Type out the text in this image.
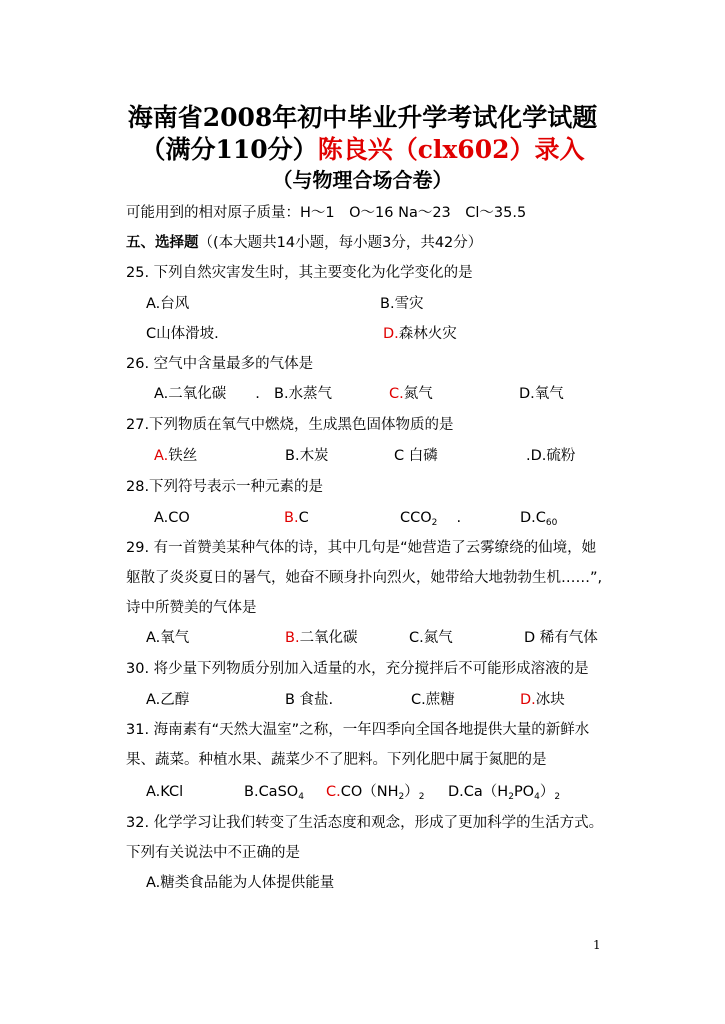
海南省2008年初中毕业升学考试化学试题
（满分110分）陈良兴（clx602）录入
（与物理合场合卷）
可能用到的相对原子质量：H～1　O～16 Na～23　Cl～35.5
五、选择题（(本大题共14小题，每小题3分，共42分）
25. 下列自然灾害发生时，其主要变化为化学变化的是
A.台风	B.雪灾
C山体滑坡.	D.森林火灾
26. 空气中含量最多的气体是
A.二氧化碳　　. B.水蒸气	C.氮气	D.氧气
27.下列物质在氧气中燃烧，生成黑色固体物质的是
A.铁丝	B.木炭	C 白磷	.D.硫粉
28.下列符号表示一种元素的是
A.CO	B.C	$CCO_2$　 .	$D.C_{60}$
29. 有一首赞美某种气体的诗，其中几句是“她营造了云雾缭绕的仙境，她
躯散了炎炎夏日的暑气，她奋不顾身扑向烈火，她带给大地勃勃生机……”,
诗中所赞美的气体是
A.氧气	B.二氧化碳	C.氮气	D 稀有气体
30. 将少量下列物质分别加入适量的水，充分搅拌后不可能形成溶液的是
A.乙醇	B 食盐.	C.蔗糖	D.冰块
31. 海南素有“天然大温室”之称，一年四季向全国各地提供大量的新鲜水
果、蔬菜。种植水果、蔬菜少不了肥料。下列化肥中属于氮肥的是
A.KCl	B.CaSO$_4$ $C.CO(NH_2)_2$ $D.Ca(H_2PO_4)_2$
32. 化学学习让我们转变了生活态度和观念，形成了更加科学的生活方式。
下列有关说法中不正确的是
A.糖类食品能为人体提供能量
1
